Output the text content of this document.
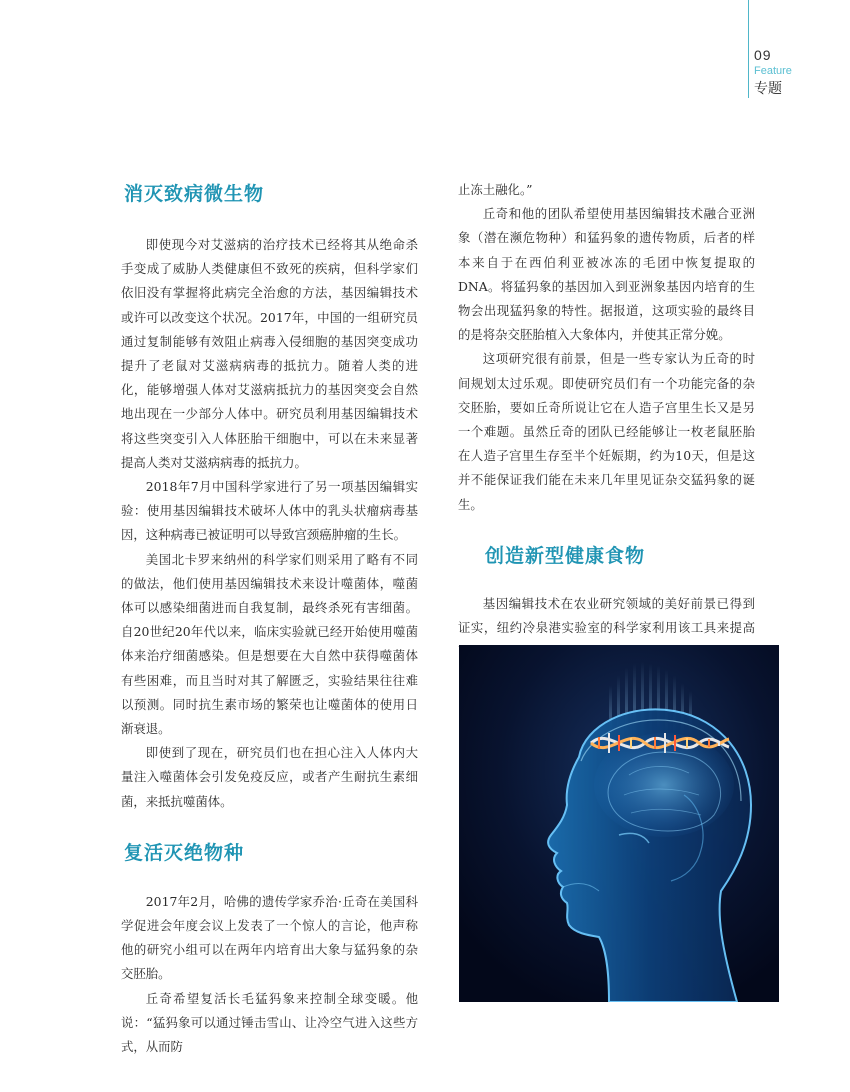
09
Feature
专题
消灭致病微生物

即使现今对艾滋病的治疗技术已经将其从绝命杀手变成了威胁人类健康但不致死的疾病，但科学家们依旧没有掌握将此病完全治愈的方法，基因编辑技术或许可以改变这个状况。2017年，中国的一组研究员通过复制能够有效阻止病毒入侵细胞的基因突变成功提升了老鼠对艾滋病病毒的抵抗力。随着人类的进化，能够增强人体对艾滋病抵抗力的基因突变会自然地出现在一少部分人体中。研究员利用基因编辑技术将这些突变引入人体胚胎干细胞中，可以在未来显著提高人类对艾滋病病毒的抵抗力。

2018年7月中国科学家进行了另一项基因编辑实验：使用基因编辑技术破坏人体中的乳头状瘤病毒基因，这种病毒已被证明可以导致宫颈癌肿瘤的生长。

美国北卡罗来纳州的科学家们则采用了略有不同的做法，他们使用基因编辑技术来设计噬菌体，噬菌体可以感染细菌进而自我复制，最终杀死有害细菌。自20世纪20年代以来，临床实验就已经开始使用噬菌体来治疗细菌感染。但是想要在大自然中获得噬菌体有些困难，而且当时对其了解匮乏，实验结果往往难以预测。同时抗生素市场的繁荣也让噬菌体的使用日渐衰退。

即使到了现在，研究员们也在担心注入人体内大量注入噬菌体会引发免疫反应，或者产生耐抗生素细菌，来抵抗噬菌体。

复活灭绝物种

2017年2月，哈佛的遗传学家乔治·丘奇在美国科学促进会年度会议上发表了一个惊人的言论，他声称他的研究小组可以在两年内培育出大象与猛犸象的杂交胚胎。

丘奇希望复活长毛猛犸象来控制全球变暖。他说：“猛犸象可以通过锤击雪山、让冷空气进入这些方式，从而防

止冻土融化。”

丘奇和他的团队希望使用基因编辑技术融合亚洲象（潜在濒危物种）和猛犸象的遗传物质，后者的样本来自于在西伯利亚被冰冻的毛团中恢复提取的DNA。将猛犸象的基因加入到亚洲象基因内培育的生物会出现猛犸象的特性。据报道，这项实验的最终目的是将杂交胚胎植入大象体内，并使其正常分娩。

这项研究很有前景，但是一些专家认为丘奇的时间规划太过乐观。即使研究员们有一个功能完备的杂交胚胎，要如丘奇所说让它在人造子宫里生长又是另一个难题。虽然丘奇的团队已经能够让一枚老鼠胚胎在人造子宫里生存至半个妊娠期，约为10天，但是这并不能保证我们能在未来几年里见证杂交猛犸象的诞生。

创造新型健康食物

基因编辑技术在农业研究领域的美好前景已得到证实，纽约冷泉港实验室的科学家利用该工具来提高
